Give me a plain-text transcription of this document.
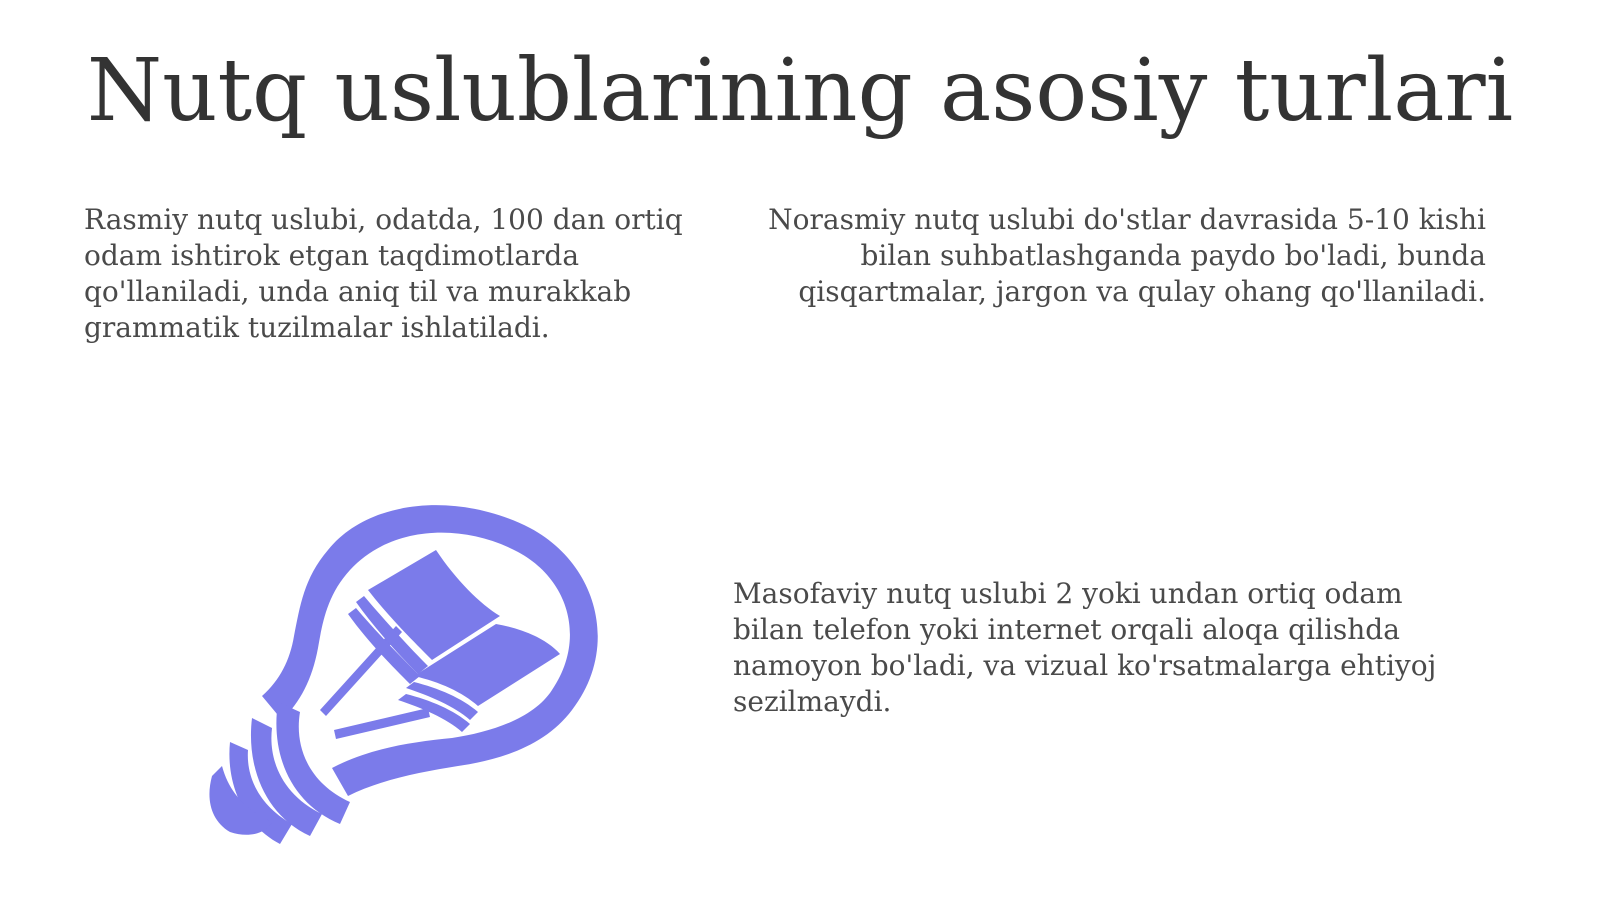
Nutq uslublarining asosiy turlari

Rasmiy nutq uslubi, odatda, 100 dan ortiq odam ishtirok etgan taqdimotlarda qo'llaniladi, unda aniq til va murakkab grammatik tuzilmalar ishlatiladi.

Norasmiy nutq uslubi do'stlar davrasida 5-10 kishi bilan suhbatlashganda paydo bo'ladi, bunda qisqartmalar, jargon va qulay ohang qo'llaniladi.

Masofaviy nutq uslubi 2 yoki undan ortiq odam bilan telefon yoki internet orqali aloqa qilishda namoyon bo'ladi, va vizual ko'rsatmalarga ehtiyoj sezilmaydi.
